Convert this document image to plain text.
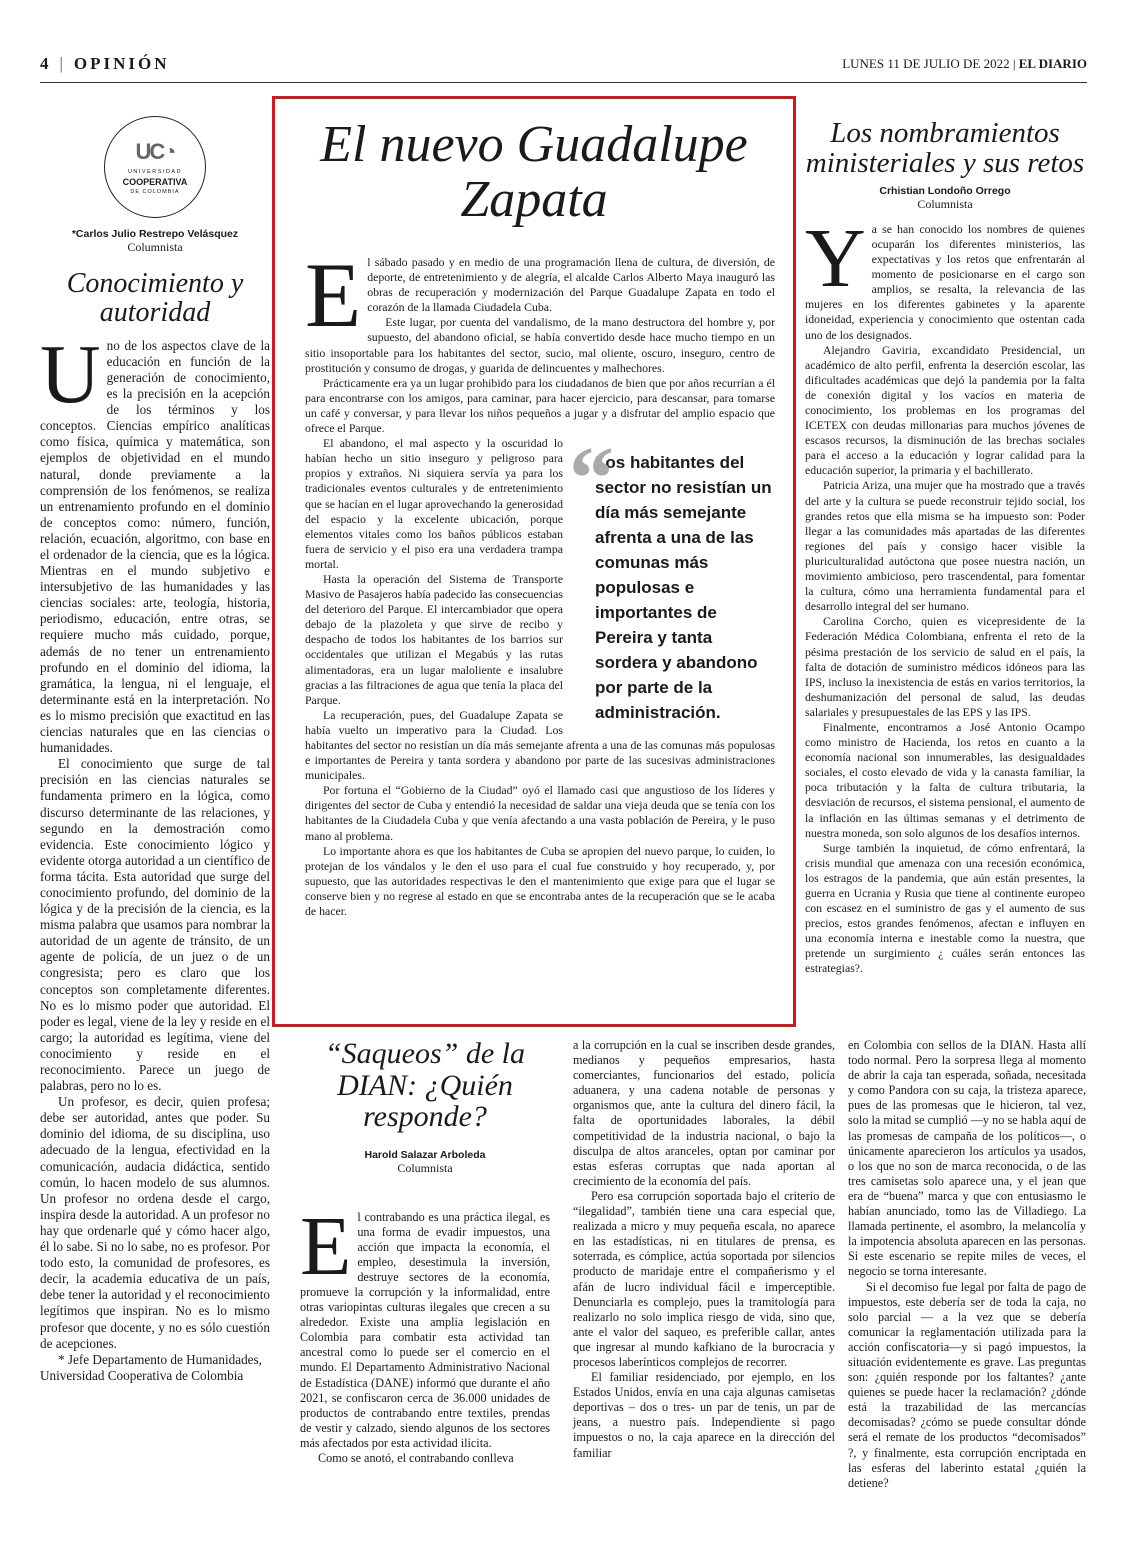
4 | OPINIÓN	LUNES 11 DE JULIO DE 2022 | EL DIARIO
UC◔
UNIVERSIDAD
COOPERATIVA
DE COLOMBIA
*Carlos Julio Restrepo Velásquez
Columnista
Conocimiento y autoridad

Uno de los aspectos clave de la educación en función de la generación de conocimiento, es la precisión en la acepción de los términos y los conceptos. Ciencias empírico analíticas como física, química y matemática, son ejemplos de objetividad en el mundo natural, donde previamente a la comprensión de los fenómenos, se realiza un entrenamiento profundo en el dominio de conceptos como: número, función, relación, ecuación, algoritmo, con base en el ordenador de la ciencia, que es la lógica. Mientras en el mundo subjetivo e intersubjetivo de las humanidades y las ciencias sociales: arte, teología, historia, periodismo, educación, entre otras, se requiere mucho más cuidado, porque, además de no tener un entrenamiento profundo en el dominio del idioma, la gramática, la lengua, ni el lenguaje, el determinante está en la interpretación. No es lo mismo precisión que exactitud en las ciencias naturales que en las ciencias o humanidades.

El conocimiento que surge de tal precisión en las ciencias naturales se fundamenta primero en la lógica, como discurso determinante de las relaciones, y segundo en la demostración como evidencia. Este conocimiento lógico y evidente otorga autoridad a un científico de forma tácita. Esta autoridad que surge del conocimiento profundo, del dominio de la lógica y de la precisión de la ciencia, es la misma palabra que usamos para nombrar la autoridad de un agente de tránsito, de un agente de policía, de un juez o de un congresista; pero es claro que los conceptos son completamente diferentes. No es lo mismo poder que autoridad. El poder es legal, viene de la ley y reside en el cargo; la autoridad es legítima, viene del conocimiento y reside en el reconocimiento. Parece un juego de palabras, pero no lo es.

Un profesor, es decir, quien profesa; debe ser autoridad, antes que poder. Su dominio del idioma, de su disciplina, uso adecuado de la lengua, efectividad en la comunicación, audacia didáctica, sentido común, lo hacen modelo de sus alumnos. Un profesor no ordena desde el cargo, inspira desde la autoridad. A un profesor no hay que ordenarle qué y cómo hacer algo, él lo sabe. Si no lo sabe, no es profesor. Por todo esto, la comunidad de profesores, es decir, la academia educativa de un país, debe tener la autoridad y el reconocimiento legítimos que inspiran. No es lo mismo profesor que docente, y no es sólo cuestión de acepciones.

* Jefe Departamento de Humanidades, Universidad Cooperativa de Colombia

El nuevo Guadalupe Zapata

El sábado pasado y en medio de una programación llena de cultura, de diversión, de deporte, de entretenimiento y de alegría, el alcalde Carlos Alberto Maya inauguró las obras de recuperación y modernización del Parque Guadalupe Zapata en todo el corazón de la llamada Ciudadela Cuba.

Este lugar, por cuenta del vandalismo, de la mano destructora del hombre y, por supuesto, del abandono oficial, se había convertido desde hace mucho tiempo en un sitio insoportable para los habitantes del sector, sucio, mal oliente, oscuro, inseguro, centro de prostitución y consumo de drogas, y guarida de delincuentes y malhechores.

Prácticamente era ya un lugar prohibido para los ciudadanos de bien que por años recurrían a él para encontrarse con los amigos, para caminar, para hacer ejercicio, para descansar, para tomarse un café y conversar, y para llevar los niños pequeños a jugar y a disfrutar del amplio espacio que ofrece el Parque.

“
Los habitantes del sector no resistían un día más semejante afrenta a una de las comunas más populosas e importantes de Pereira y tanta sordera y abandono por parte de la administración.

El abandono, el mal aspecto y la oscuridad lo habían hecho un sitio inseguro y peligroso para propios y extraños. Ni siquiera servía ya para los tradicionales eventos culturales y de entretenimiento que se hacían en el lugar aprovechando la generosidad del espacio y la excelente ubicación, porque elementos vitales como los baños públicos estaban fuera de servicio y el piso era una verdadera trampa mortal.

Hasta la operación del Sistema de Transporte Masivo de Pasajeros había padecido las consecuencias del deterioro del Parque. El intercambiador que opera debajo de la plazoleta y que sirve de recibo y despacho de todos los habitantes de los barrios sur occidentales que utilizan el Megabús y las rutas alimentadoras, era un lugar maloliente e insalubre gracias a las filtraciones de agua que tenía la placa del Parque.

La recuperación, pues, del Guadalupe Zapata se había vuelto un imperativo para la Ciudad. Los habitantes del sector no resistían un día más semejante afrenta a una de las comunas más populosas e importantes de Pereira y tanta sordera y abandono por parte de las sucesivas administraciones municipales.

Por fortuna el “Gobierno de la Ciudad” oyó el llamado casi que angustioso de los líderes y dirigentes del sector de Cuba y entendió la necesidad de saldar una vieja deuda que se tenía con los habitantes de la Ciudadela Cuba y que venía afectando a una vasta población de Pereira, y le puso mano al problema.

Lo importante ahora es que los habitantes de Cuba se apropien del nuevo parque, lo cuiden, lo protejan de los vándalos y le den el uso para el cual fue construido y hoy recuperado, y, por supuesto, que las autoridades respectivas le den el mantenimiento que exige para que el lugar se conserve bien y no regrese al estado en que se encontraba antes de la recuperación que se le acaba de hacer.

Los nombramientos ministeriales y sus retos
Crhistian Londoño Orrego
Columnista

Ya se han conocido los nombres de quienes ocuparán los diferentes ministerios, las expectativas y los retos que enfrentarán al momento de posicionarse en el cargo son amplios, se resalta, la relevancia de las mujeres en los diferentes gabinetes y la aparente idoneidad, experiencia y conocimiento que ostentan cada uno de los designados.

Alejandro Gaviria, excandidato Presidencial, un académico de alto perfil, enfrenta la deserción escolar, las dificultades académicas que dejó la pandemia por la falta de conexión digital y los vacíos en materia de conocimiento, los problemas en los programas del ICETEX con deudas millonarias para muchos jóvenes de escasos recursos, la disminución de las brechas sociales para el acceso a la educación y lograr calidad para la educación superior, la primaria y el bachillerato.

Patricia Ariza, una mujer que ha mostrado que a través del arte y la cultura se puede reconstruir tejido social, los grandes retos que ella misma se ha impuesto son: Poder llegar a las comunidades más apartadas de las diferentes regiones del país y consigo hacer visible la pluriculturalidad autóctona que posee nuestra nación, un movimiento ambicioso, pero trascendental, para fomentar la cultura, cómo una herramienta fundamental para el desarrollo integral del ser humano.

Carolina Corcho, quien es vicepresidente de la Federación Médica Colombiana, enfrenta el reto de la pésima prestación de los servicio de salud en el país, la falta de dotación de suministro médicos idóneos para las IPS, incluso la inexistencia de estás en varios territorios, la deshumanización del personal de salud, las deudas salariales y presupuestales de las EPS y las IPS.

Finalmente, encontramos a José Antonio Ocampo como ministro de Hacienda, los retos en cuanto a la economía nacional son innumerables, las desigualdades sociales, el costo elevado de vida y la canasta familiar, la poca tributación y la falta de cultura tributaria, la desviación de recursos, el sistema pensional, el aumento de la inflación en las últimas semanas y el detrimento de nuestra moneda, son solo algunos de los desafíos internos.

Surge también la inquietud, de cómo enfrentará, la crisis mundial que amenaza con una recesión económica, los estragos de la pandemia, que aún están presentes, la guerra en Ucrania y Rusia que tiene al continente europeo con escasez en el suministro de gas y el aumento de sus precios, estos grandes fenómenos, afectan e influyen en una economía interna e inestable como la nuestra, que pretende un surgimiento ¿ cuáles serán entonces las estrategias?.

“Saqueos” de la DIAN: ¿Quién responde?
Harold Salazar Arboleda
Columnista

El contrabando es una práctica ilegal, es una forma de evadir impuestos, una acción que impacta la economía, el empleo, desestimula la inversión, destruye sectores de la economía, promueve la corrupción y la informalidad, entre otras variopintas culturas ilegales que crecen a su alrededor. Existe una amplia legislación en Colombia para combatir esta actividad tan ancestral como lo puede ser el comercio en el mundo. El Departamento Administrativo Nacional de Estadística (DANE) informó que durante el año 2021, se confiscaron cerca de 36.000 unidades de productos de contrabando entre textiles, prendas de vestir y calzado, siendo algunos de los sectores más afectados por esta actividad ilícita.

Como se anotó, el contrabando conlleva

a la corrupción en la cual se inscriben desde grandes, medianos y pequeños empresarios, hasta comerciantes, funcionarios del estado, policía aduanera, y una cadena notable de personas y organismos que, ante la cultura del dinero fácil, la falta de oportunidades laborales, la débil competitividad de la industria nacional, o bajo la disculpa de altos aranceles, optan por caminar por estas esferas corruptas que nada aportan al crecimiento de la economía del país.

Pero esa corrupción soportada bajo el criterio de “ilegalidad”, también tiene una cara especial que, realizada a micro y muy pequeña escala, no aparece en las estadísticas, ni en titulares de prensa, es soterrada, es cómplice, actúa soportada por silencios producto de maridaje entre el compañerismo y el afán de lucro individual fácil e imperceptible. Denunciarla es complejo, pues la tramitología para realizarlo no solo implica riesgo de vida, sino que, ante el valor del saqueo, es preferible callar, antes que ingresar al mundo kafkiano de la burocracia y procesos laberínticos complejos de recorrer.

El familiar residenciado, por ejemplo, en los Estados Unidos, envía en una caja algunas camisetas deportivas – dos o tres- un par de tenis, un par de jeans, a nuestro país. Independiente si pago impuestos o no, la caja aparece en la dirección del familiar

en Colombia con sellos de la DIAN. Hasta allí todo normal. Pero la sorpresa llega al momento de abrir la caja tan esperada, soñada, necesitada y como Pandora con su caja, la tristeza aparece, pues de las promesas que le hicieron, tal vez, solo la mitad se cumplió —y no se habla aquí de las promesas de campaña de los políticos—, o únicamente aparecieron los artículos ya usados, o los que no son de marca reconocida, o de las tres camisetas solo aparece una, y el jean que era de “buena” marca y que con entusiasmo le habían anunciado, tomo las de Villadiego. La llamada pertinente, el asombro, la melancolía y la impotencia absoluta aparecen en las personas. Si este escenario se repite miles de veces, el negocio se torna interesante.

Si el decomiso fue legal por falta de pago de impuestos, este debería ser de toda la caja, no solo parcial — a la vez que se debería comunicar la reglamentación utilizada para la acción confiscatoria—y si pagó impuestos, la situación evidentemente es grave. Las preguntas son: ¿quién responde por los faltantes? ¿ante quienes se puede hacer la reclamación? ¿dónde está la trazabilidad de las mercancías decomisadas? ¿cómo se puede consultar dónde será el remate de los productos “decomisados” ?, y finalmente, esta corrupción encriptada en las esferas del laberinto estatal ¿quién la detiene?
